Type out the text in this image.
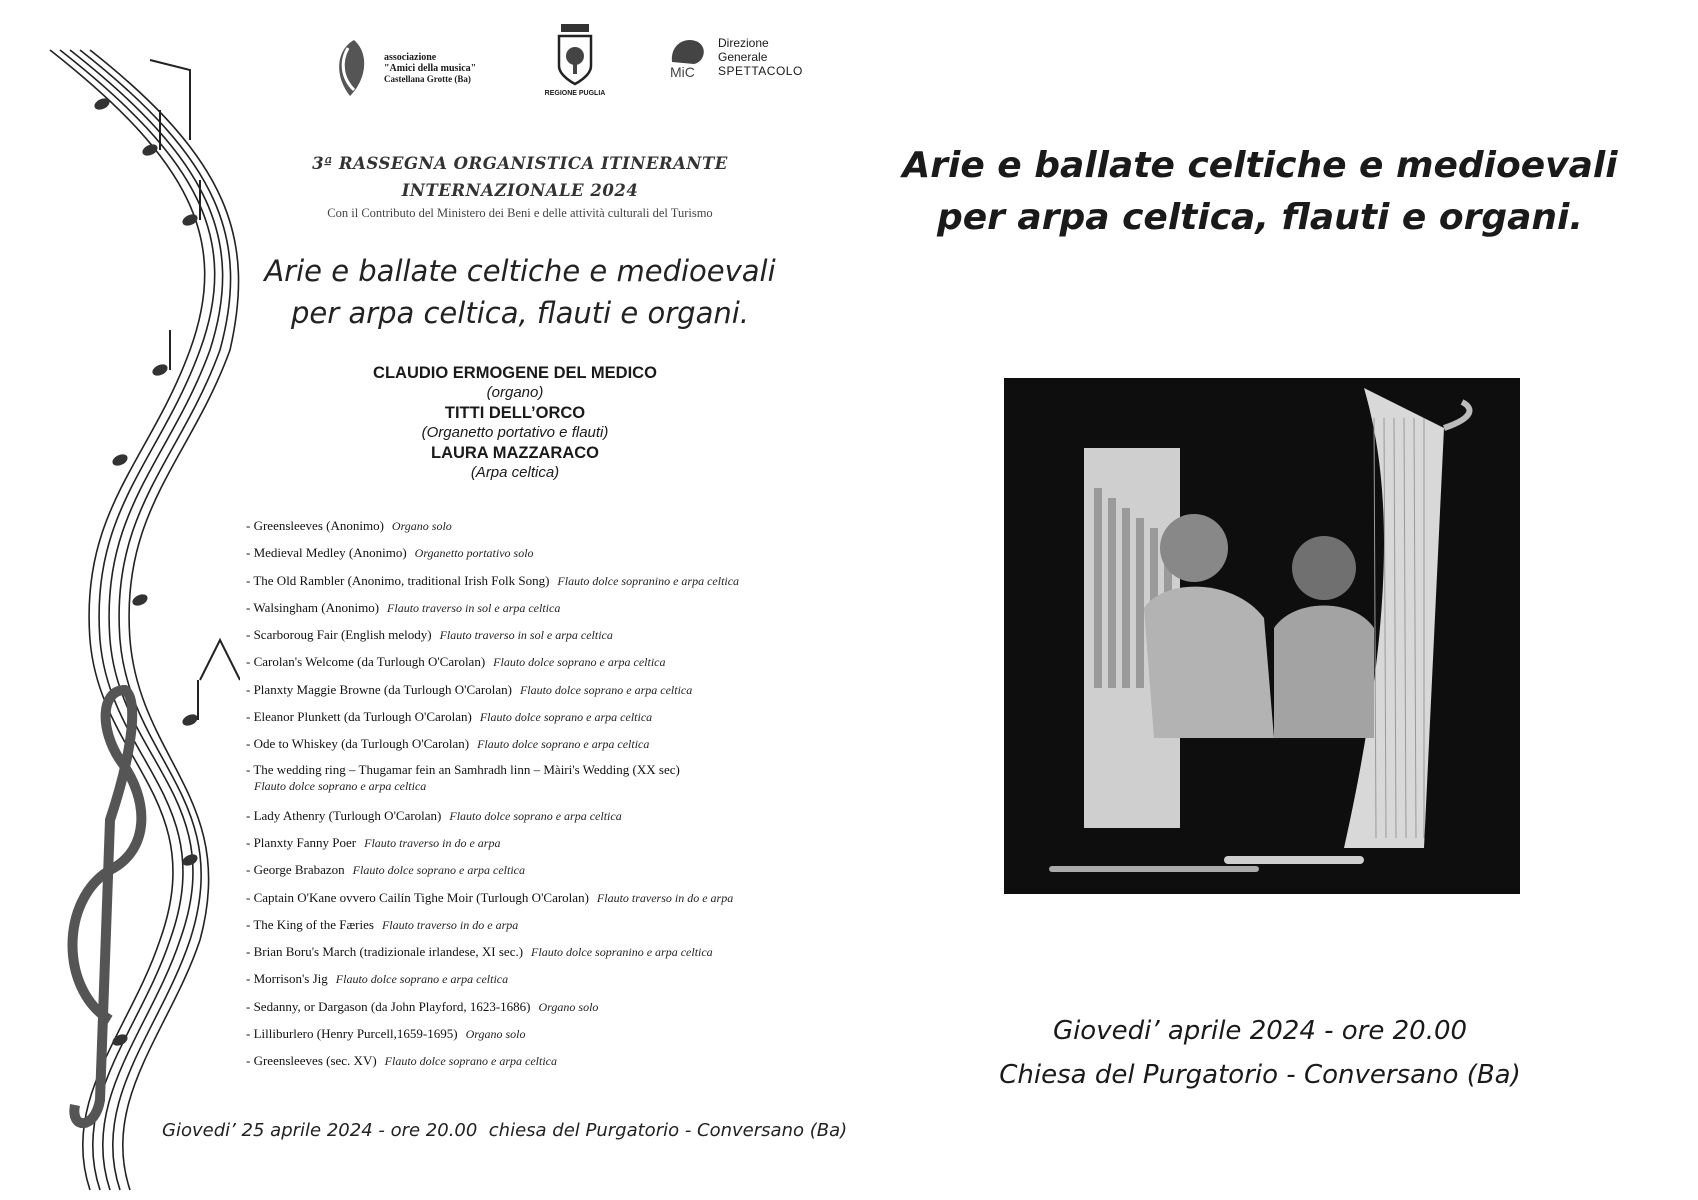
associazione
"Amici della musica"
Castellana Grotte (Ba)
REGIONE PUGLIA
MiC
Direzione
Generale
SPETTACOLO
3ª RASSEGNA ORGANISTICA ITINERANTE
INTERNAZIONALE 2024
Con il Contributo del Ministero dei Beni e delle attività culturali del Turismo
Arie e ballate celtiche e medioevali
per arpa celtica, flauti e organi.
CLAUDIO ERMOGENE DEL MEDICO
(organo)
TITTI DELL’ORCO
(Organetto portativo e flauti)
LAURA MAZZARACO
(Arpa celtica)
- Greensleeves (Anonimo) Organo solo
- Medieval Medley (Anonimo) Organetto portativo solo
- The Old Rambler (Anonimo, traditional Irish Folk Song) Flauto dolce sopranino e arpa celtica
- Walsingham (Anonimo) Flauto traverso in sol e arpa celtica
- Scarboroug Fair (English melody) Flauto traverso in sol e arpa celtica
- Carolan's Welcome (da Turlough O'Carolan) Flauto dolce soprano e arpa celtica
- Planxty Maggie Browne (da Turlough O'Carolan) Flauto dolce soprano e arpa celtica
- Eleanor Plunkett (da Turlough O'Carolan) Flauto dolce soprano e arpa celtica
- Ode to Whiskey (da Turlough O'Carolan) Flauto dolce soprano e arpa celtica
- The wedding ring – Thugamar fein an Samhradh linn – Màiri's Wedding (XX sec)
Flauto dolce soprano e arpa celtica
- Lady Athenry (Turlough O'Carolan) Flauto dolce soprano e arpa celtica
- Planxty Fanny Poer Flauto traverso in do e arpa
- George Brabazon Flauto dolce soprano e arpa celtica
- Captain O'Kane ovvero Cailín Tighe Moir (Turlough O'Carolan) Flauto traverso in do e arpa
- The King of the Færies Flauto traverso in do e arpa
- Brian Boru's March (tradizionale irlandese, XI sec.) Flauto dolce sopranino e arpa celtica
- Morrison's Jig Flauto dolce soprano e arpa celtica
- Sedanny, or Dargason (da John Playford, 1623-1686) Organo solo
- Lilliburlero (Henry Purcell,1659-1695) Organo solo
- Greensleeves (sec. XV) Flauto dolce soprano e arpa celtica
Giovedi’ 25 aprile 2024 - ore 20.00  chiesa del Purgatorio - Conversano (Ba)
Arie e ballate celtiche e medioevali
per arpa celtica, flauti e organi.
Giovedi’ aprile 2024 - ore 20.00
Chiesa del Purgatorio - Conversano (Ba)
